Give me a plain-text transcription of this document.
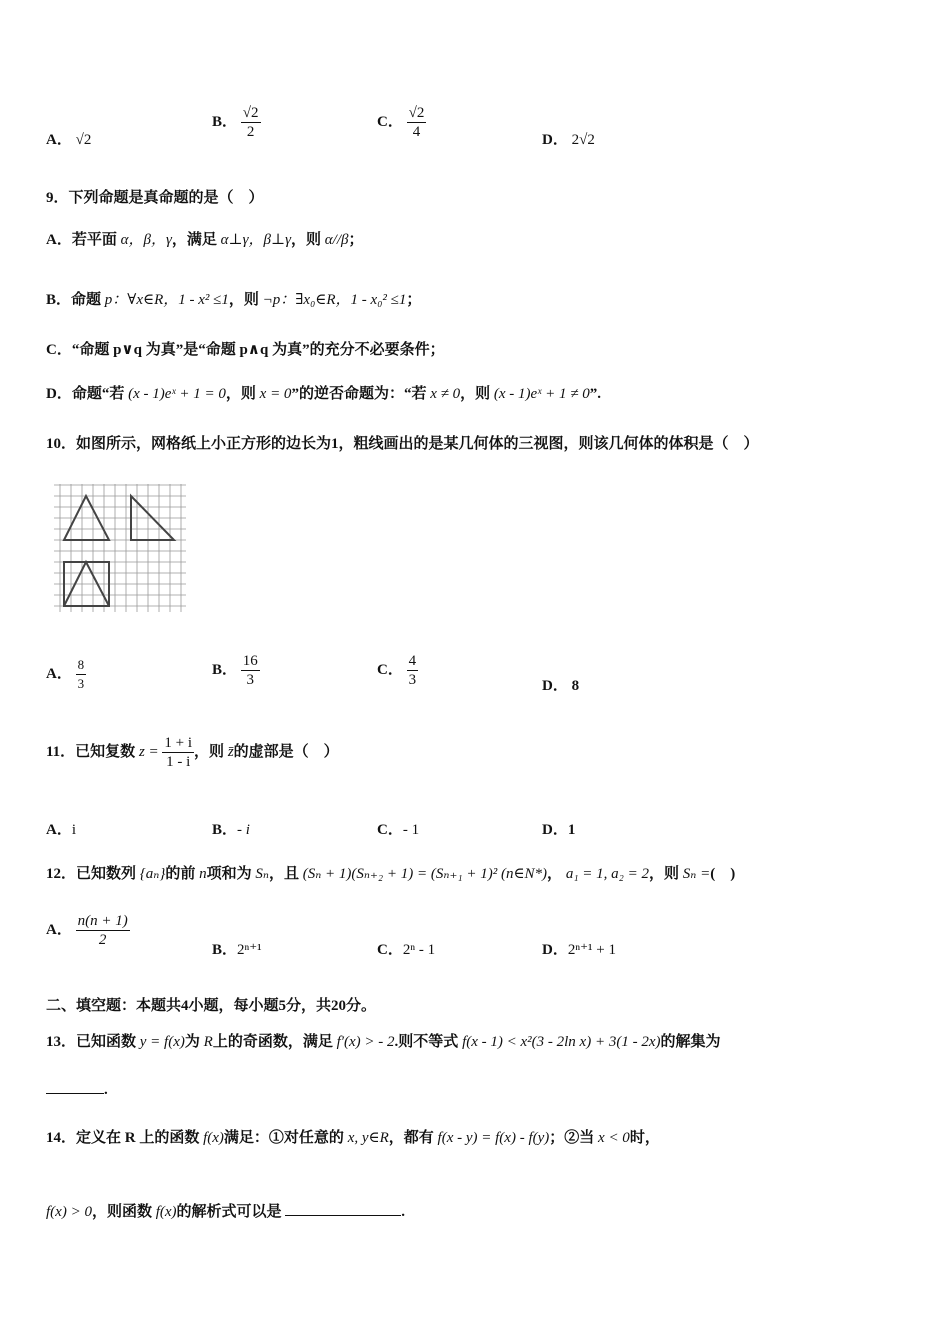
A． √2
B． $\frac{√2}{2}$	C． $\frac{√2}{4}$	D． 2√2
9．下列命题是真命题的是（　）
A．若平面 α，β，γ，满足 α⊥γ，β⊥γ，则 α//β；
B．命题 p：∀x∈R，1 - x² ≤1，则 ¬p：∃x₀∈R，1 - x₀² ≤1；
C．“命题 p∨q 为真”是“命题 p∧q 为真”的充分不必要条件；
D．命题“若 (x - 1)eˣ + 1 = 0，则 x = 0”的逆否命题为：“若 x ≠ 0，则 (x - 1)eˣ + 1 ≠ 0”.
10．如图所示，网格纸上小正方形的边长为1，粗线画出的是某几何体的三视图，则该几何体的体积是（　）
A． $\frac{8}{3}$	B． $\frac{16}{3}$	C． $\frac{4}{3}$	D． 8
11．已知复数 $z = \frac{1 + i}{1 - i}$ ，则 z̄的虚部是（　）
A．i	B．- i	C．- 1	D．1
12．已知数列 {aₙ}的前 n项和为 Sₙ，且 (Sₙ + 1)(Sₙ₊₂ + 1) = (Sₙ₊₁ + 1)² (n∈N*)， a₁ = 1, a₂ = 2，则 Sₙ =(　)
A． $\frac{n(n + 1)}{2}$
B．2ⁿ⁺¹	C．2ⁿ - 1	D．2ⁿ⁺¹ + 1
二、填空题：本题共4小题，每小题5分，共20分。
13．已知函数 y = f(x)为 R上的奇函数，满足 f′(x) > - 2.则不等式 f(x - 1) < x²(3 - 2ln x) + 3(1 - 2x)的解集为
.
14．定义在 R 上的函数 f(x)满足：①对任意的 x, y∈R，都有 f(x - y) = f(x) - f(y)；②当 x < 0时，
f(x) > 0，则函数 f(x)的解析式可以是	.
